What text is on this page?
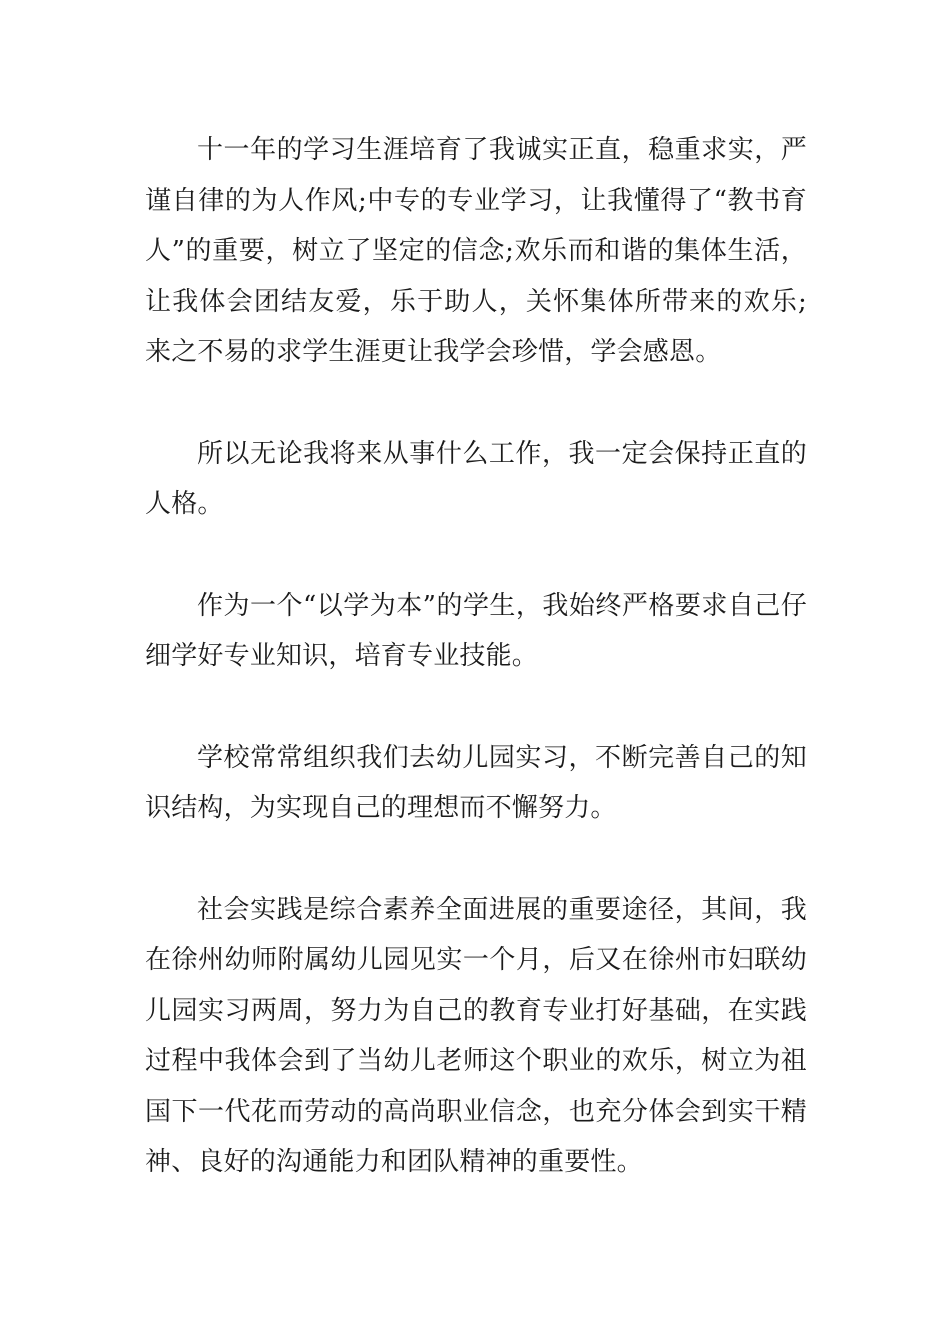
十一年的学习生涯培育了我诚实正直，稳重求实，严谨自律的为人作风;中专的专业学习，让我懂得了“教书育人”的重要，树立了坚定的信念;欢乐而和谐的集体生活，让我体会团结友爱，乐于助人，关怀集体所带来的欢乐;来之不易的求学生涯更让我学会珍惜，学会感恩。

所以无论我将来从事什么工作，我一定会保持正直的人格。

作为一个“以学为本”的学生，我始终严格要求自己仔细学好专业知识，培育专业技能。

学校常常组织我们去幼儿园实习，不断完善自己的知识结构，为实现自己的理想而不懈努力。

社会实践是综合素养全面进展的重要途径，其间，我在徐州幼师附属幼儿园见实一个月，后又在徐州市妇联幼儿园实习两周，努力为自己的教育专业打好基础，在实践过程中我体会到了当幼儿老师这个职业的欢乐，树立为祖国下一代花而劳动的高尚职业信念，也充分体会到实干精神、良好的沟通能力和团队精神的重要性。
